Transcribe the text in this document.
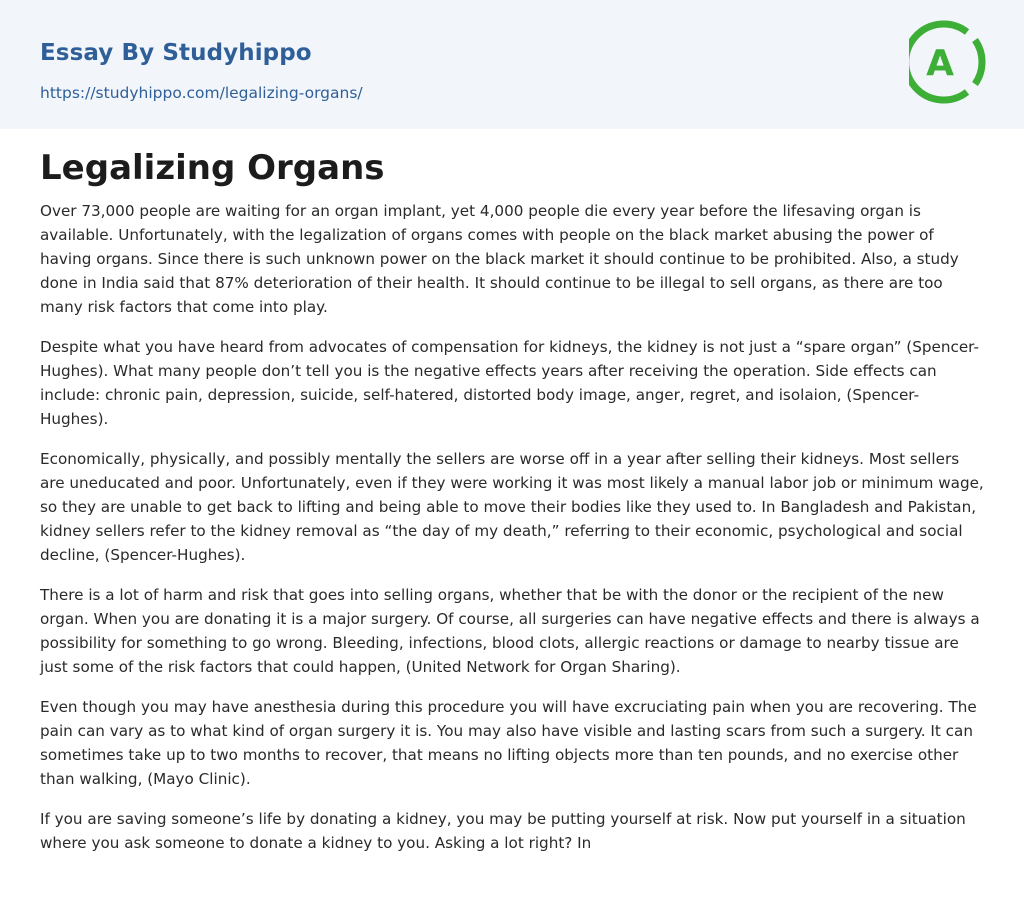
Essay By Studyhippo
https://studyhippo.com/legalizing-organs/
A
Legalizing Organs

Over 73,000 people are waiting for an organ implant, yet 4,000 people die every year before the lifesaving organ is available. Unfortunately, with the legalization of organs comes with people on the black market abusing the power of having organs. Since there is such unknown power on the black market it should continue to be prohibited. Also, a study done in India said that 87% deterioration of their health. It should continue to be illegal to sell organs, as there are too many risk factors that come into play.

Despite what you have heard from advocates of compensation for kidneys, the kidney is not just a “spare organ” (Spencer-Hughes). What many people don’t tell you is the negative effects years after receiving the operation. Side effects can include: chronic pain, depression, suicide, self-hatered, distorted body image, anger, regret, and isolaion, (Spencer- Hughes).

Economically, physically, and possibly mentally the sellers are worse off in a year after selling their kidneys. Most sellers are uneducated and poor. Unfortunately, even if they were working it was most likely a manual labor job or minimum wage, so they are unable to get back to lifting and being able to move their bodies like they used to. In Bangladesh and Pakistan, kidney sellers refer to the kidney removal as “the day of my death,” referring to their economic, psychological and social decline, (Spencer-Hughes).

There is a lot of harm and risk that goes into selling organs, whether that be with the donor or the recipient of the new organ. When you are donating it is a major surgery. Of course, all surgeries can have negative effects and there is always a possibility for something to go wrong. Bleeding, infections, blood clots, allergic reactions or damage to nearby tissue are just some of the risk factors that could happen, (United Network for Organ Sharing).

Even though you may have anesthesia during this procedure you will have excruciating pain when you are recovering. The pain can vary as to what kind of organ surgery it is. You may also have visible and lasting scars from such a surgery. It can sometimes take up to two months to recover, that means no lifting objects more than ten pounds, and no exercise other than walking, (Mayo Clinic).

If you are saving someone’s life by donating a kidney, you may be putting yourself at risk. Now put yourself in a situation where you ask someone to donate a kidney to you. Asking a lot right? In
